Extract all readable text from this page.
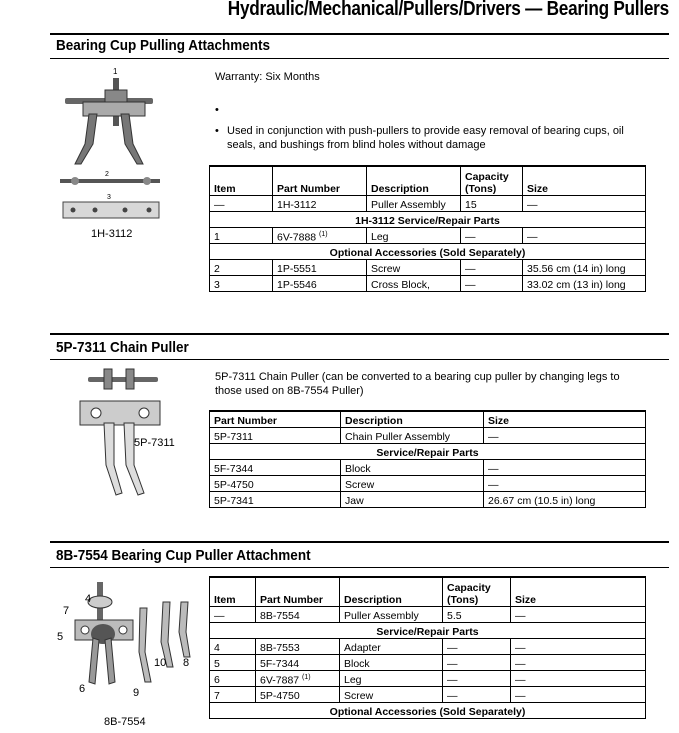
Hydraulic/Mechanical/Pullers/Drivers — Bearing Pullers
Bearing Cup Pulling Attachments
1
2
3
1H-3112
Warranty: Six Months
•
• Used in conjunction with push-pullers to provide easy removal of bearing cups, oil seals, and bushings from blind holes without damage
Item	Part Number	Description	Capacity (Tons)	Size
—	1H-3112	Puller Assembly	15	—
1H-3112 Service/Repair Parts				
1	6V-7888 $^{(1)}$	Leg	—	—
Optional Accessories (Sold Separately)				
2	1P-5551	Screw	—	35.56 cm (14 in) long
3	1P-5546	Cross Block,	—	33.02 cm (13 in) long
5P-7311 Chain Puller
5P-7311
5P-7311 Chain Puller (can be converted to a bearing cup puller by changing legs to those used on 8B-7554 Puller)
Part Number	Description	Size
5P-7311	Chain Puller Assembly	—
Service/Repair Parts		
5F-7344	Block	—
5P-4750	Screw	—
5P-7341	Jaw	26.67 cm (10.5 in) long
8B-7554 Bearing Cup Puller Attachment
4
7
5
6	9
10 8
8B-7554
Item	Part Number	Description	Capacity (Tons)	Size
—	8B-7554	Puller Assembly	5.5	—
Service/Repair Parts				
4	8B-7553	Adapter	—	—
5	5F-7344	Block	—	—
6	6V-7887 $^{(1)}$	Leg	—	—
7	5P-4750	Screw	—	—
Optional Accessories (Sold Separately)				
